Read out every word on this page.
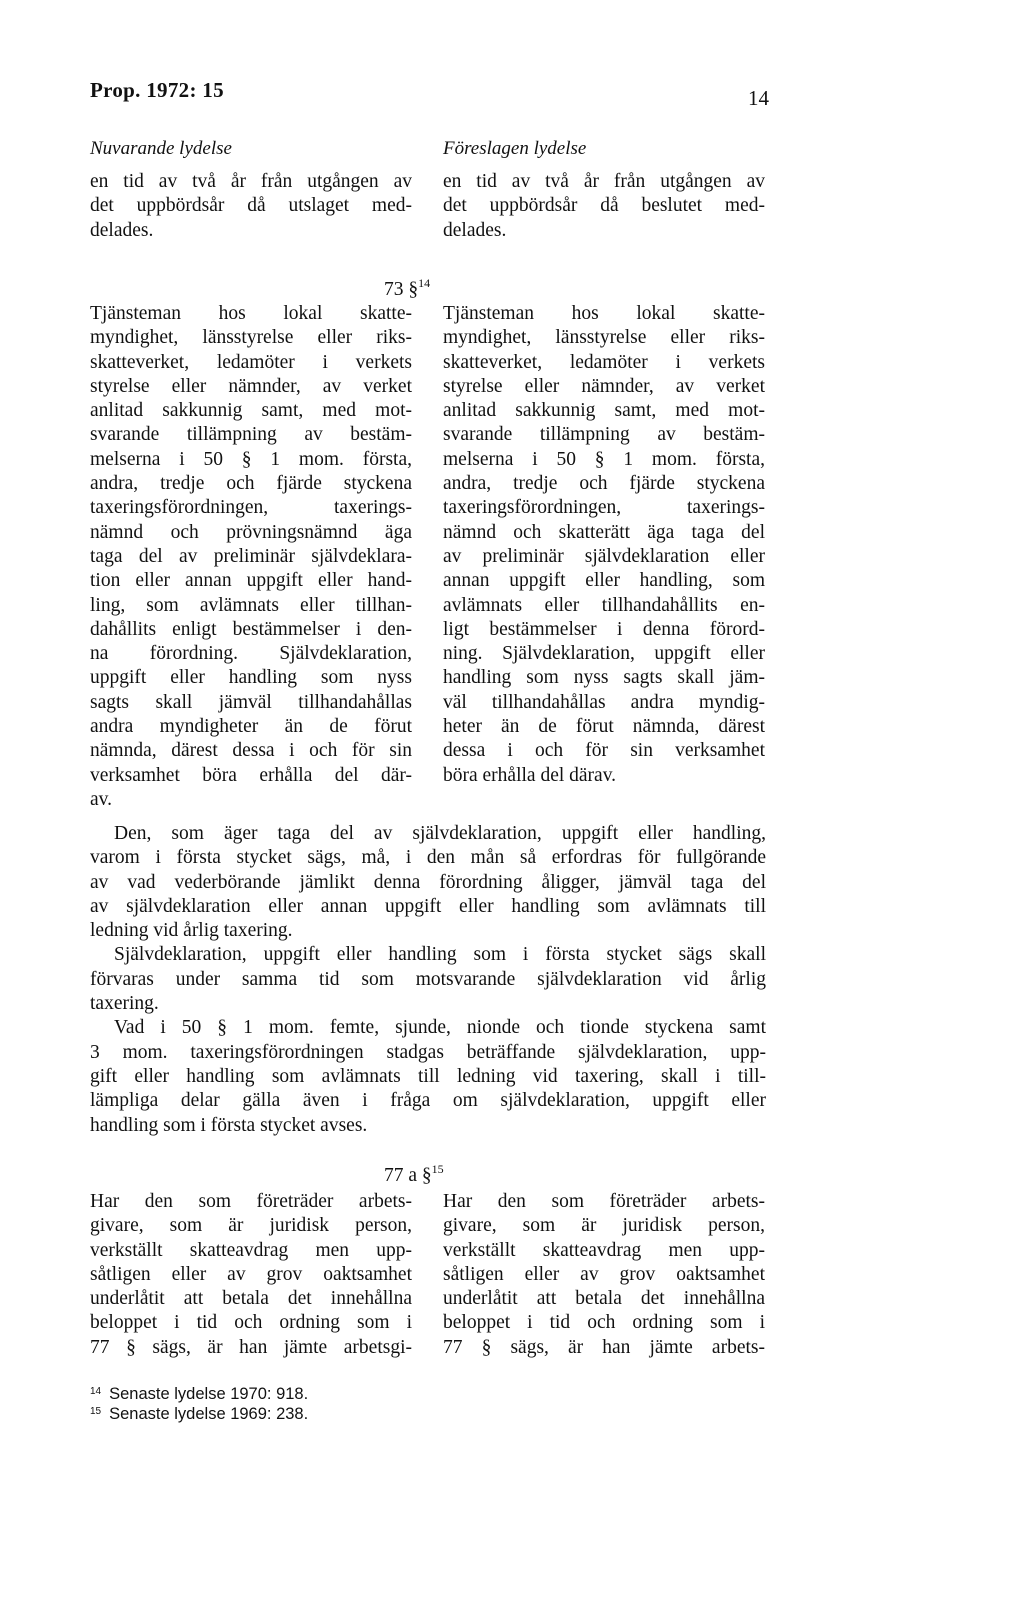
Prop. 1972: 15	14
Nuvarande lydelse	Föreslagen lydelse
en tid av två år från utgången av
det uppbördsår då utslaget med-
delades.
en tid av två år från utgången av
det uppbördsår då beslutet med-
delades.
73 §$^{14}$
Tjänsteman hos lokal skatte-
myndighet, länsstyrelse eller riks-
skatteverket, ledamöter i verkets
styrelse eller nämnder, av verket
anlitad sakkunnig samt, med mot-
svarande tillämpning av bestäm-
melserna i 50 § 1 mom. första,
andra, tredje och fjärde styckena
taxeringsförordningen, taxerings-
nämnd och prövningsnämnd äga
taga del av preliminär självdeklara-
tion eller annan uppgift eller hand-
ling, som avlämnats eller tillhan-
dahållits enligt bestämmelser i den-
na förordning. Självdeklaration,
uppgift eller handling som nyss
sagts skall jämväl tillhandahållas
andra myndigheter än de förut
nämnda, därest dessa i och för sin
verksamhet böra erhålla del där-
av.
Tjänsteman hos lokal skatte-
myndighet, länsstyrelse eller riks-
skatteverket, ledamöter i verkets
styrelse eller nämnder, av verket
anlitad sakkunnig samt, med mot-
svarande tillämpning av bestäm-
melserna i 50 § 1 mom. första,
andra, tredje och fjärde styckena
taxeringsförordningen, taxerings-
nämnd och skatterätt äga taga del
av preliminär självdeklaration eller
annan uppgift eller handling, som
avlämnats eller tillhandahållits en-
ligt bestämmelser i denna förord-
ning. Självdeklaration, uppgift eller
handling som nyss sagts skall jäm-
väl tillhandahållas andra myndig-
heter än de förut nämnda, därest
dessa i och för sin verksamhet
böra erhålla del därav.
Den, som äger taga del av självdeklaration, uppgift eller handling,
varom i första stycket sägs, må, i den mån så erfordras för fullgörande
av vad vederbörande jämlikt denna förordning åligger, jämväl taga del
av självdeklaration eller annan uppgift eller handling som avlämnats till
ledning vid årlig taxering.
Självdeklaration, uppgift eller handling som i första stycket sägs skall
förvaras under samma tid som motsvarande självdeklaration vid årlig
taxering.
Vad i 50 § 1 mom. femte, sjunde, nionde och tionde styckena samt
3 mom. taxeringsförordningen stadgas beträffande självdeklaration, upp-
gift eller handling som avlämnats till ledning vid taxering, skall i till-
lämpliga delar gälla även i fråga om självdeklaration, uppgift eller
handling som i första stycket avses.
77 a §$^{15}$
Har den som företräder arbets-
givare, som är juridisk person,
verkställt skatteavdrag men upp-
såtligen eller av grov oaktsamhet
underlåtit att betala det innehållna
beloppet i tid och ordning som i
77 § sägs, är han jämte arbetsgi-
Har den som företräder arbets-
givare, som är juridisk person,
verkställt skatteavdrag men upp-
såtligen eller av grov oaktsamhet
underlåtit att betala det innehållna
beloppet i tid och ordning som i
77 § sägs, är han jämte arbets-
$^{14}$ Senaste lydelse 1970: 918.
$^{15}$ Senaste lydelse 1969: 238.
